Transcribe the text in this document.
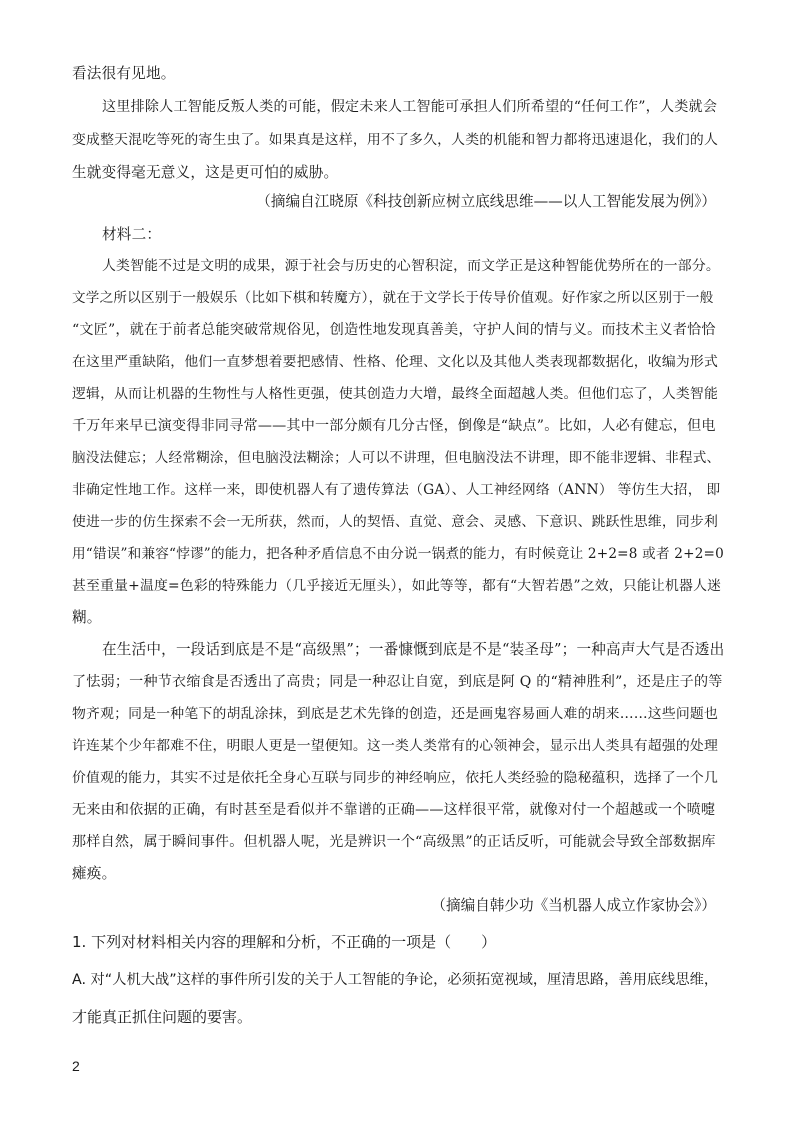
看法很有见地。
这里排除人工智能反叛人类的可能，假定未来人工智能可承担人们所希望的“任何工作”，人类就会
变成整天混吃等死的寄生虫了。如果真是这样，用不了多久，人类的机能和智力都将迅速退化，我们的人
生就变得毫无意义，这是更可怕的威胁。
（摘编自江晓原《科技创新应树立底线思维——以人工智能发展为例》）
材料二：
人类智能不过是文明的成果，源于社会与历史的心智积淀，而文学正是这种智能优势所在的一部分。
文学之所以区别于一般娱乐（比如下棋和转魔方），就在于文学长于传导价值观。好作家之所以区别于一般
“文匠”，就在于前者总能突破常规俗见，创造性地发现真善美，守护人间的情与义。而技术主义者恰恰
在这里严重缺陷，他们一直梦想着要把感情、性格、伦理、文化以及其他人类表现都数据化，收编为形式
逻辑，从而让机器的生物性与人格性更强，使其创造力大增，最终全面超越人类。但他们忘了，人类智能
千万年来早已演变得非同寻常——其中一部分颇有几分古怪，倒像是“缺点”。比如，人必有健忘，但电
脑没法健忘；人经常糊涂，但电脑没法糊涂；人可以不讲理，但电脑没法不讲理，即不能非逻辑、非程式、
非确定性地工作。这样一来，即使机器人有了遗传算法（GA）、人工神经网络（ANN） 等仿生大招， 即
使进一步的仿生探索不会一无所获，然而，人的契悟、直觉、意会、灵感、下意识、跳跃性思维，同步利
用“错误”和兼容“悖谬”的能力，把各种矛盾信息不由分说一锅煮的能力，有时候竟让 2+2=8 或者 2+2=0
甚至重量+温度=色彩的特殊能力（几乎接近无厘头），如此等等，都有“大智若愚”之效，只能让机器人迷
糊。
在生活中，一段话到底是不是“高级黑”；一番慷慨到底是不是“装圣母”；一种高声大气是否透出
了怯弱；一种节衣缩食是否透出了高贵；同是一种忍让自宽，到底是阿 Q 的“精神胜利”，还是庄子的等
物齐观；同是一种笔下的胡乱涂抹，到底是艺术先锋的创造，还是画鬼容易画人难的胡来……这些问题也
许连某个少年都难不住，明眼人更是一望便知。这一类人类常有的心领神会，显示出人类具有超强的处理
价值观的能力，其实不过是依托全身心互联与同步的神经响应，依托人类经验的隐秘蕴积，选择了一个几
无来由和依据的正确，有时甚至是看似并不靠谱的正确——这样很平常，就像对付一个超越或一个喷嚏
那样自然，属于瞬间事件。但机器人呢，光是辨识一个“高级黑”的正话反听，可能就会导致全部数据库
瘫痪。
（摘编自韩少功《当机器人成立作家协会》）
1. 下列对材料相关内容的理解和分析，不正确的一项是（　　）
A. 对“人机大战”这样的事件所引发的关于人工智能的争论，必须拓宽视域，厘清思路，善用底线思维，
才能真正抓住问题的要害。
2
